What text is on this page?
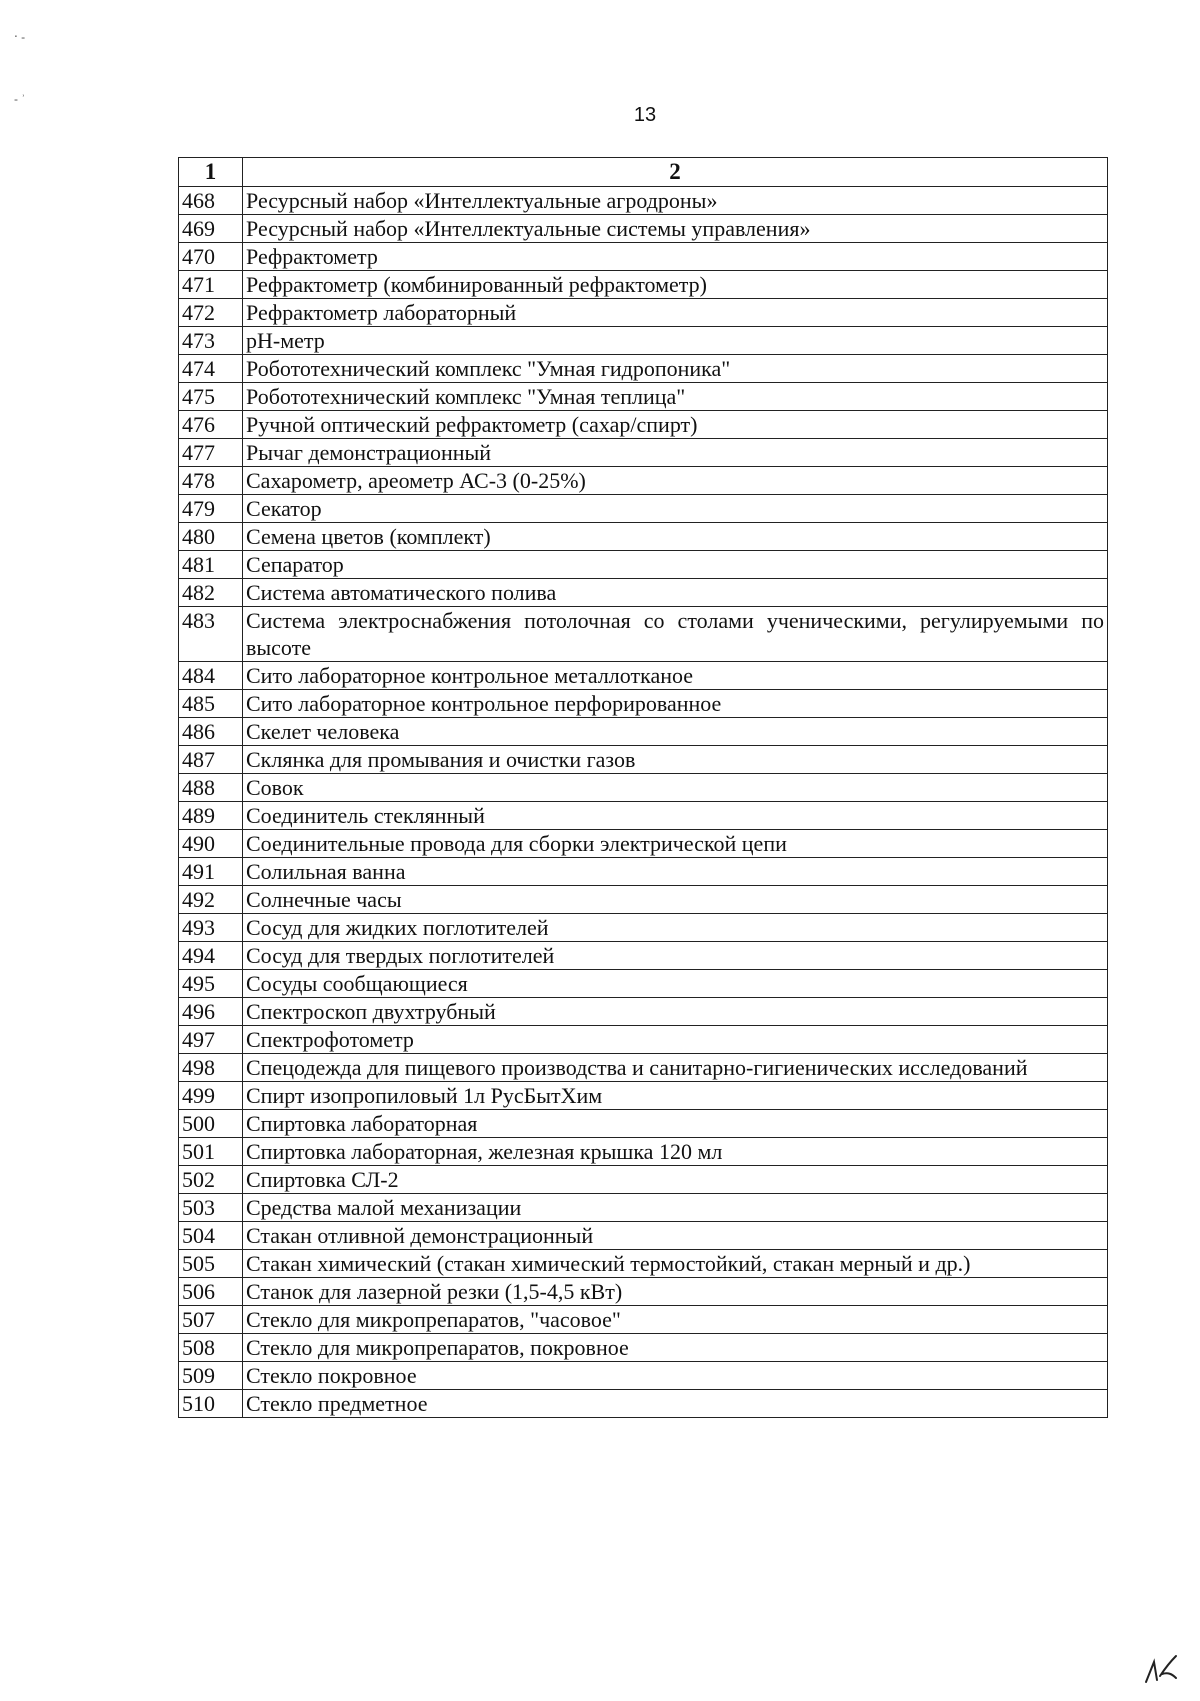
‧ ‐
‐ ʾ
13
1	2
468	Ресурсный набор «Интеллектуальные агродроны»
469	Ресурсный набор «Интеллектуальные системы управления»
470	Рефрактометр
471	Рефрактометр (комбинированный рефрактометр)
472	Рефрактометр лабораторный
473	pH-метр
474	Робототехнический комплекс "Умная гидропоника"
475	Робототехнический комплекс "Умная теплица"
476	Ручной оптический рефрактометр (сахар/спирт)
477	Рычаг демонстрационный
478	Сахарометр, ареометр АС-3 (0-25%)
479	Секатор
480	Семена цветов (комплект)
481	Сепаратор
482	Система автоматического полива
483	Система электроснабжения потолочная со столами ученическими, регулируемыми по высоте
484	Сито лабораторное контрольное металлотканое
485	Сито лабораторное контрольное перфорированное
486	Скелет человека
487	Склянка для промывания и очистки газов
488	Совок
489	Соединитель стеклянный
490	Соединительные провода для сборки электрической цепи
491	Солильная ванна
492	Солнечные часы
493	Сосуд для жидких поглотителей
494	Сосуд для твердых поглотителей
495	Сосуды сообщающиеся
496	Спектроскоп двухтрубный
497	Спектрофотометр
498	Спецодежда для пищевого производства и санитарно-гигиенических исследований
499	Спирт изопропиловый 1л РусБытХим
500	Спиртовка лабораторная
501	Спиртовка лабораторная, железная крышка 120 мл
502	Спиртовка СЛ-2
503	Средства малой механизации
504	Стакан отливной демонстрационный
505	Стакан химический (стакан химический термостойкий, стакан мерный и др.)
506	Станок для лазерной резки (1,5-4,5 кВт)
507	Стекло для микропрепаратов, "часовое"
508	Стекло для микропрепаратов, покровное
509	Стекло покровное
510	Стекло предметное
